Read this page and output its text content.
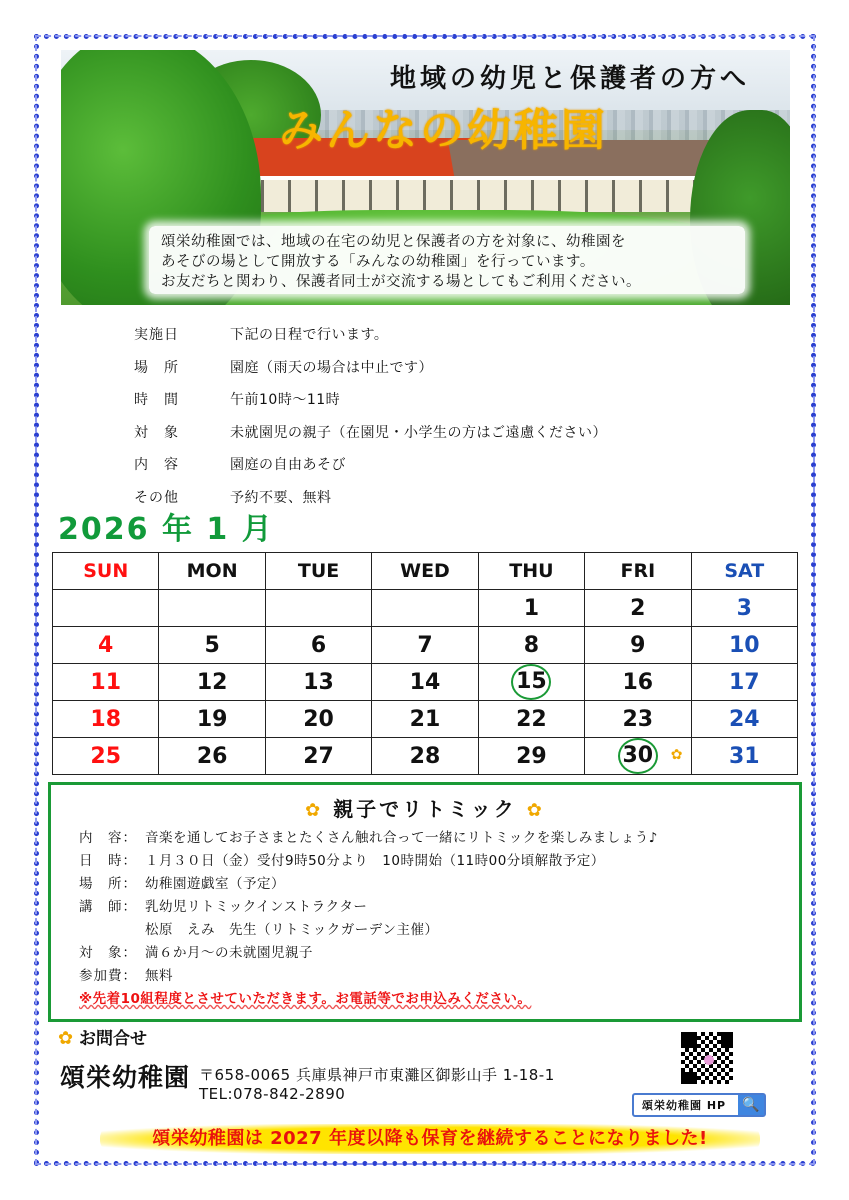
地域の幼児と保護者の方へ
みんなの幼稚園
頌栄幼稚園では、地域の在宅の幼児と保護者の方を対象に、幼稚園を
あそびの場として開放する「みんなの幼稚園」を行っています。
お友だちと関わり、保護者同士が交流する場としてもご利用ください。
実施日	下記の日程で行います。
場　所	園庭（雨天の場合は中止です）
時　間	午前10時～11時
対　象	未就園児の親子（在園児・小学生の方はご遠慮ください）
内　容	園庭の自由あそび
その他	予約不要、無料
2026 年 1 月
SUN	MON	TUE	WED	THU	FRI	SAT
				1	2	3
4	5	6	7	8	9	10
11	12	13	14	15	16	17
18	19	20	21	22	23	24
25	26	27	28	29	30 ✿	31
✿ 親子でリトミック ✿
内　容： 音楽を通してお子さまとたくさん触れ合って一緒にリトミックを楽しみましょう♪
日　時： １月３０日（金）受付9時50分より　10時開始（11時00分頃解散予定）
場　所： 幼稚園遊戯室（予定）
講　師： 乳幼児リトミックインストラクター
松原　えみ　先生（リトミックガーデン主催）
対　象： 満６か月～の未就園児親子
参加費： 無料
※先着10組程度とさせていただきます。お電話等でお申込みください。
✿ お問合せ
頌栄幼稚園 〒658-0065 兵庫県神戸市東灘区御影山手 1-18-1
TEL:078-842-2890
頌栄幼稚園 HP	🔍
頌栄幼稚園は 2027 年度以降も保育を継続することになりました!
